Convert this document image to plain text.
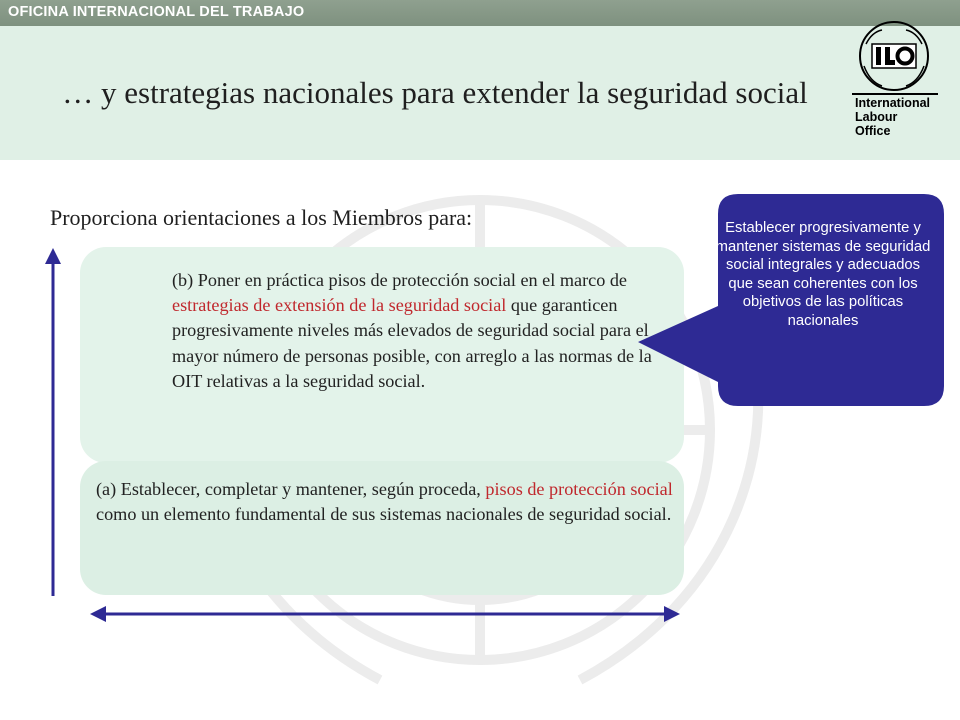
OFICINA INTERNACIONAL DEL TRABAJO
… y estrategias nacionales para extender la seguridad social	International
Labour
Office
Proporciona orientaciones a los Miembros para:
(b) Poner en práctica pisos de protección social en el marco de estrategias de extensión de la seguridad social que garanticen progresivamente niveles más elevados de seguridad social para el mayor número de personas posible, con arreglo a las normas de la OIT relativas a la seguridad social.
(a) Establecer, completar y mantener, según proceda, pisos de protección social como un elemento fundamental de sus sistemas nacionales de seguridad social.
Establecer progresivamente y mantener sistemas de seguridad social integrales y adecuados que sean coherentes con los objetivos de las políticas nacionales
